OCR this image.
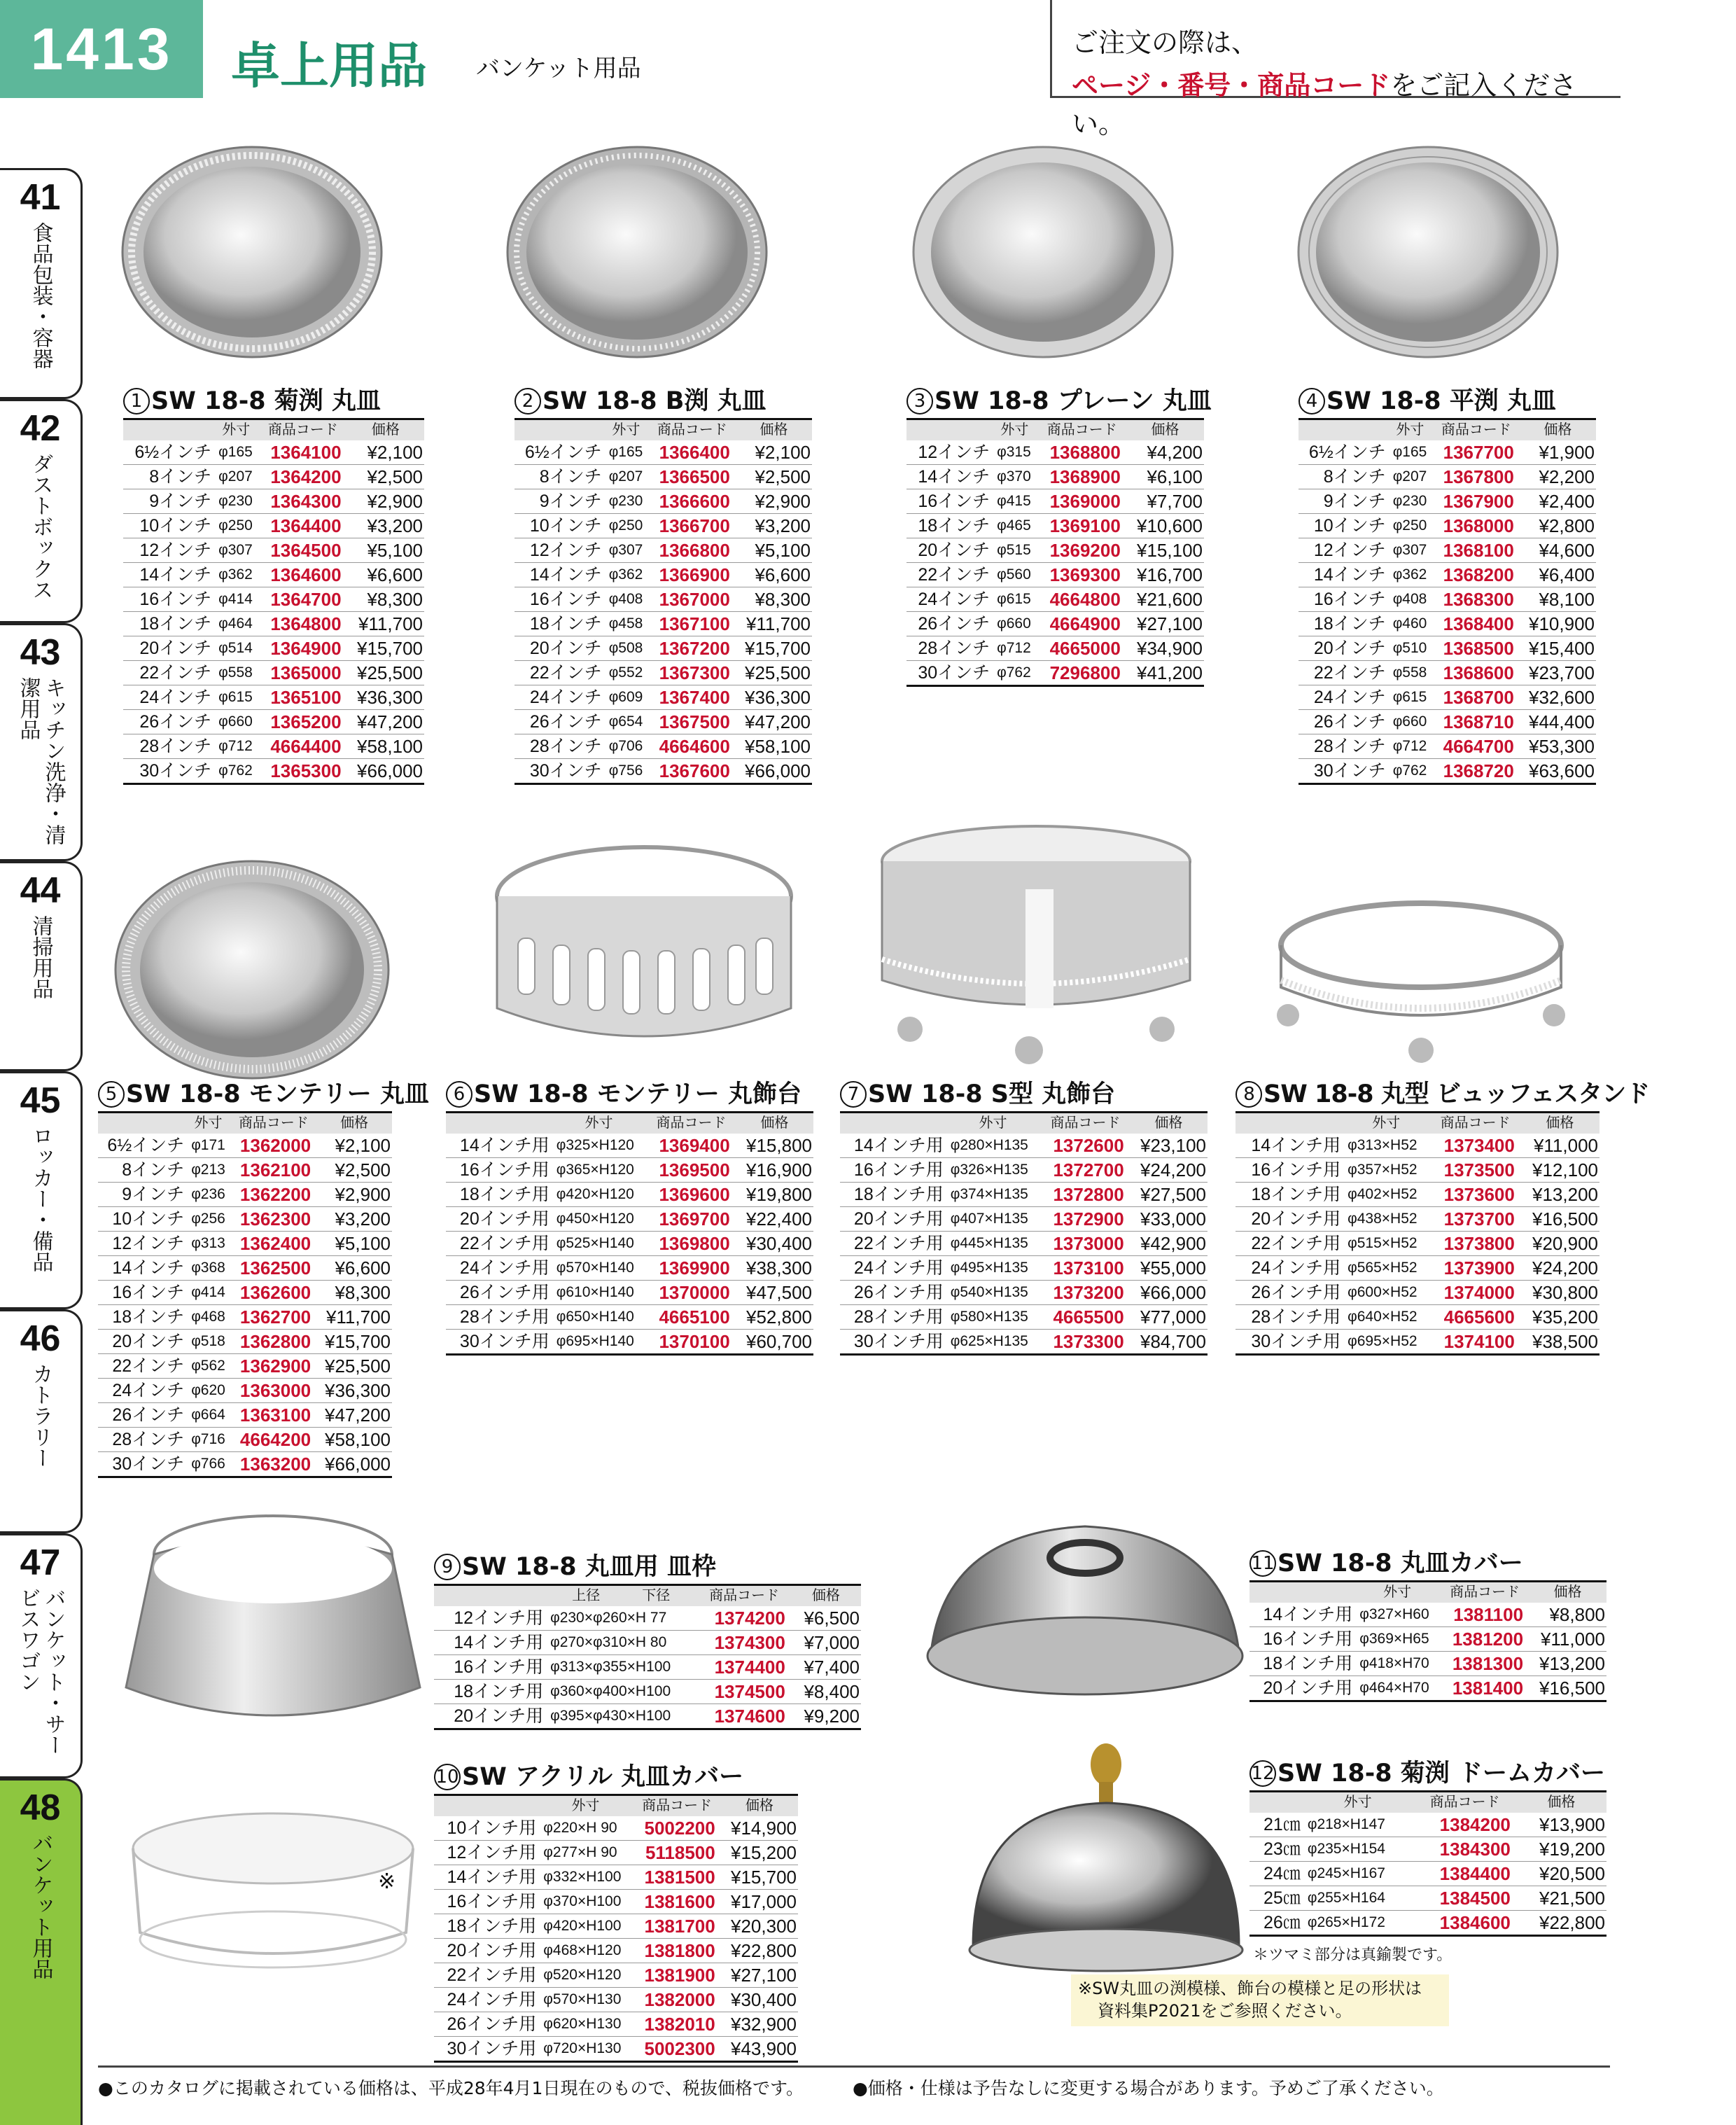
1413	卓上用品 バンケット用品
ご注文の際は、
ページ・番号・商品コードをご記入ください。
41
食品包装・容器
42
ダストボックス
43
キッチン洗浄・清潔用品
44
清掃用品
45
ロッカー・備品
46
カトラリー
47
バンケット・サービスワゴン
48
バンケット用品	※
1 SW 18-8 菊渕 丸皿
	外寸	商品コード	価格
6½インチ	φ165	1364100	¥2,100
8インチ	φ207	1364200	¥2,500
9インチ	φ230	1364300	¥2,900
10インチ	φ250	1364400	¥3,200
12インチ	φ307	1364500	¥5,100
14インチ	φ362	1364600	¥6,600
16インチ	φ414	1364700	¥8,300
18インチ	φ464	1364800	¥11,700
20インチ	φ514	1364900	¥15,700
22インチ	φ558	1365000	¥25,500
24インチ	φ615	1365100	¥36,300
26インチ	φ660	1365200	¥47,200
28インチ	φ712	4664400	¥58,100
30インチ	φ762	1365300	¥66,000
2 SW 18-8 B渕 丸皿
	外寸	商品コード	価格
6½インチ	φ165	1366400	¥2,100
8インチ	φ207	1366500	¥2,500
9インチ	φ230	1366600	¥2,900
10インチ	φ250	1366700	¥3,200
12インチ	φ307	1366800	¥5,100
14インチ	φ362	1366900	¥6,600
16インチ	φ408	1367000	¥8,300
18インチ	φ458	1367100	¥11,700
20インチ	φ508	1367200	¥15,700
22インチ	φ552	1367300	¥25,500
24インチ	φ609	1367400	¥36,300
26インチ	φ654	1367500	¥47,200
28インチ	φ706	4664600	¥58,100
30インチ	φ756	1367600	¥66,000
3 SW 18-8 プレーン 丸皿
	外寸	商品コード	価格
12インチ	φ315	1368800	¥4,200
14インチ	φ370	1368900	¥6,100
16インチ	φ415	1369000	¥7,700
18インチ	φ465	1369100	¥10,600
20インチ	φ515	1369200	¥15,100
22インチ	φ560	1369300	¥16,700
24インチ	φ615	4664800	¥21,600
26インチ	φ660	4664900	¥27,100
28インチ	φ712	4665000	¥34,900
30インチ	φ762	7296800	¥41,200
4 SW 18-8 平渕 丸皿
	外寸	商品コード	価格
6½インチ	φ165	1367700	¥1,900
8インチ	φ207	1367800	¥2,200
9インチ	φ230	1367900	¥2,400
10インチ	φ250	1368000	¥2,800
12インチ	φ307	1368100	¥4,600
14インチ	φ362	1368200	¥6,400
16インチ	φ408	1368300	¥8,100
18インチ	φ460	1368400	¥10,900
20インチ	φ510	1368500	¥15,400
22インチ	φ558	1368600	¥23,700
24インチ	φ615	1368700	¥32,600
26インチ	φ660	1368710	¥44,400
28インチ	φ712	4664700	¥53,300
30インチ	φ762	1368720	¥63,600
5 SW 18-8 モンテリー 丸皿
	外寸	商品コード	価格
6½インチ	φ171	1362000	¥2,100
8インチ	φ213	1362100	¥2,500
9インチ	φ236	1362200	¥2,900
10インチ	φ256	1362300	¥3,200
12インチ	φ313	1362400	¥5,100
14インチ	φ368	1362500	¥6,600
16インチ	φ414	1362600	¥8,300
18インチ	φ468	1362700	¥11,700
20インチ	φ518	1362800	¥15,700
22インチ	φ562	1362900	¥25,500
24インチ	φ620	1363000	¥36,300
26インチ	φ664	1363100	¥47,200
28インチ	φ716	4664200	¥58,100
30インチ	φ766	1363200	¥66,000
6 SW 18-8 モンテリー 丸飾台
	外寸	商品コード	価格
14インチ用	φ325×H120	1369400	¥15,800
16インチ用	φ365×H120	1369500	¥16,900
18インチ用	φ420×H120	1369600	¥19,800
20インチ用	φ450×H120	1369700	¥22,400
22インチ用	φ525×H140	1369800	¥30,400
24インチ用	φ570×H140	1369900	¥38,300
26インチ用	φ610×H140	1370000	¥47,500
28インチ用	φ650×H140	4665100	¥52,800
30インチ用	φ695×H140	1370100	¥60,700
7 SW 18-8 S型 丸飾台
	外寸	商品コード	価格
14インチ用	φ280×H135	1372600	¥23,100
16インチ用	φ326×H135	1372700	¥24,200
18インチ用	φ374×H135	1372800	¥27,500
20インチ用	φ407×H135	1372900	¥33,000
22インチ用	φ445×H135	1373000	¥42,900
24インチ用	φ495×H135	1373100	¥55,000
26インチ用	φ540×H135	1373200	¥66,000
28インチ用	φ580×H135	4665500	¥77,000
30インチ用	φ625×H135	1373300	¥84,700
8 SW 18-8 丸型 ビュッフェスタンド
	外寸	商品コード	価格
14インチ用	φ313×H52	1373400	¥11,000
16インチ用	φ357×H52	1373500	¥12,100
18インチ用	φ402×H52	1373600	¥13,200
20インチ用	φ438×H52	1373700	¥16,500
22インチ用	φ515×H52	1373800	¥20,900
24インチ用	φ565×H52	1373900	¥24,200
26インチ用	φ600×H52	1374000	¥30,800
28インチ用	φ640×H52	4665600	¥35,200
30インチ用	φ695×H52	1374100	¥38,500
9 SW 18-8 丸皿用 皿枠
	上径　　　 下径	商品コード	価格
12インチ用	φ230×φ260×H 77	1374200	¥6,500
14インチ用	φ270×φ310×H 80	1374300	¥7,000
16インチ用	φ313×φ355×H100	1374400	¥7,400
18インチ用	φ360×φ400×H100	1374500	¥8,400
20インチ用	φ395×φ430×H100	1374600	¥9,200
10 SW アクリル 丸皿カバー
	外寸	商品コード	価格
10インチ用	φ220×H 90	5002200	¥14,900
12インチ用	φ277×H 90	5118500	¥15,200
14インチ用	φ332×H100	1381500	¥15,700
16インチ用	φ370×H100	1381600	¥17,000
18インチ用	φ420×H100	1381700	¥20,300
20インチ用	φ468×H120	1381800	¥22,800
22インチ用	φ520×H120	1381900	¥27,100
24インチ用	φ570×H130	1382000	¥30,400
26インチ用	φ620×H130	1382010	¥32,900
30インチ用	φ720×H130	5002300	¥43,900
11 SW 18-8 丸皿カバー
	外寸	商品コード	価格
14インチ用	φ327×H60	1381100	¥8,800
16インチ用	φ369×H65	1381200	¥11,000
18インチ用	φ418×H70	1381300	¥13,200
20インチ用	φ464×H70	1381400	¥16,500
12 SW 18-8 菊渕 ドームカバー
	外寸	商品コード	価格
21㎝	φ218×H147	1384200	¥13,900
23㎝	φ235×H154	1384300	¥19,200
24㎝	φ245×H167	1384400	¥20,500
25㎝	φ255×H164	1384500	¥21,500
26㎝	φ265×H172	1384600	¥22,800
＊ツマミ部分は真鍮製です。
※SW丸皿の渕模様、飾台の模様と足の形状は
資料集P2021をご参照ください。
●このカタログに掲載されている価格は、平成28年4月1日現在のもので、税抜価格です。	●価格・仕様は予告なしに変更する場合があります。予めご了承ください。
